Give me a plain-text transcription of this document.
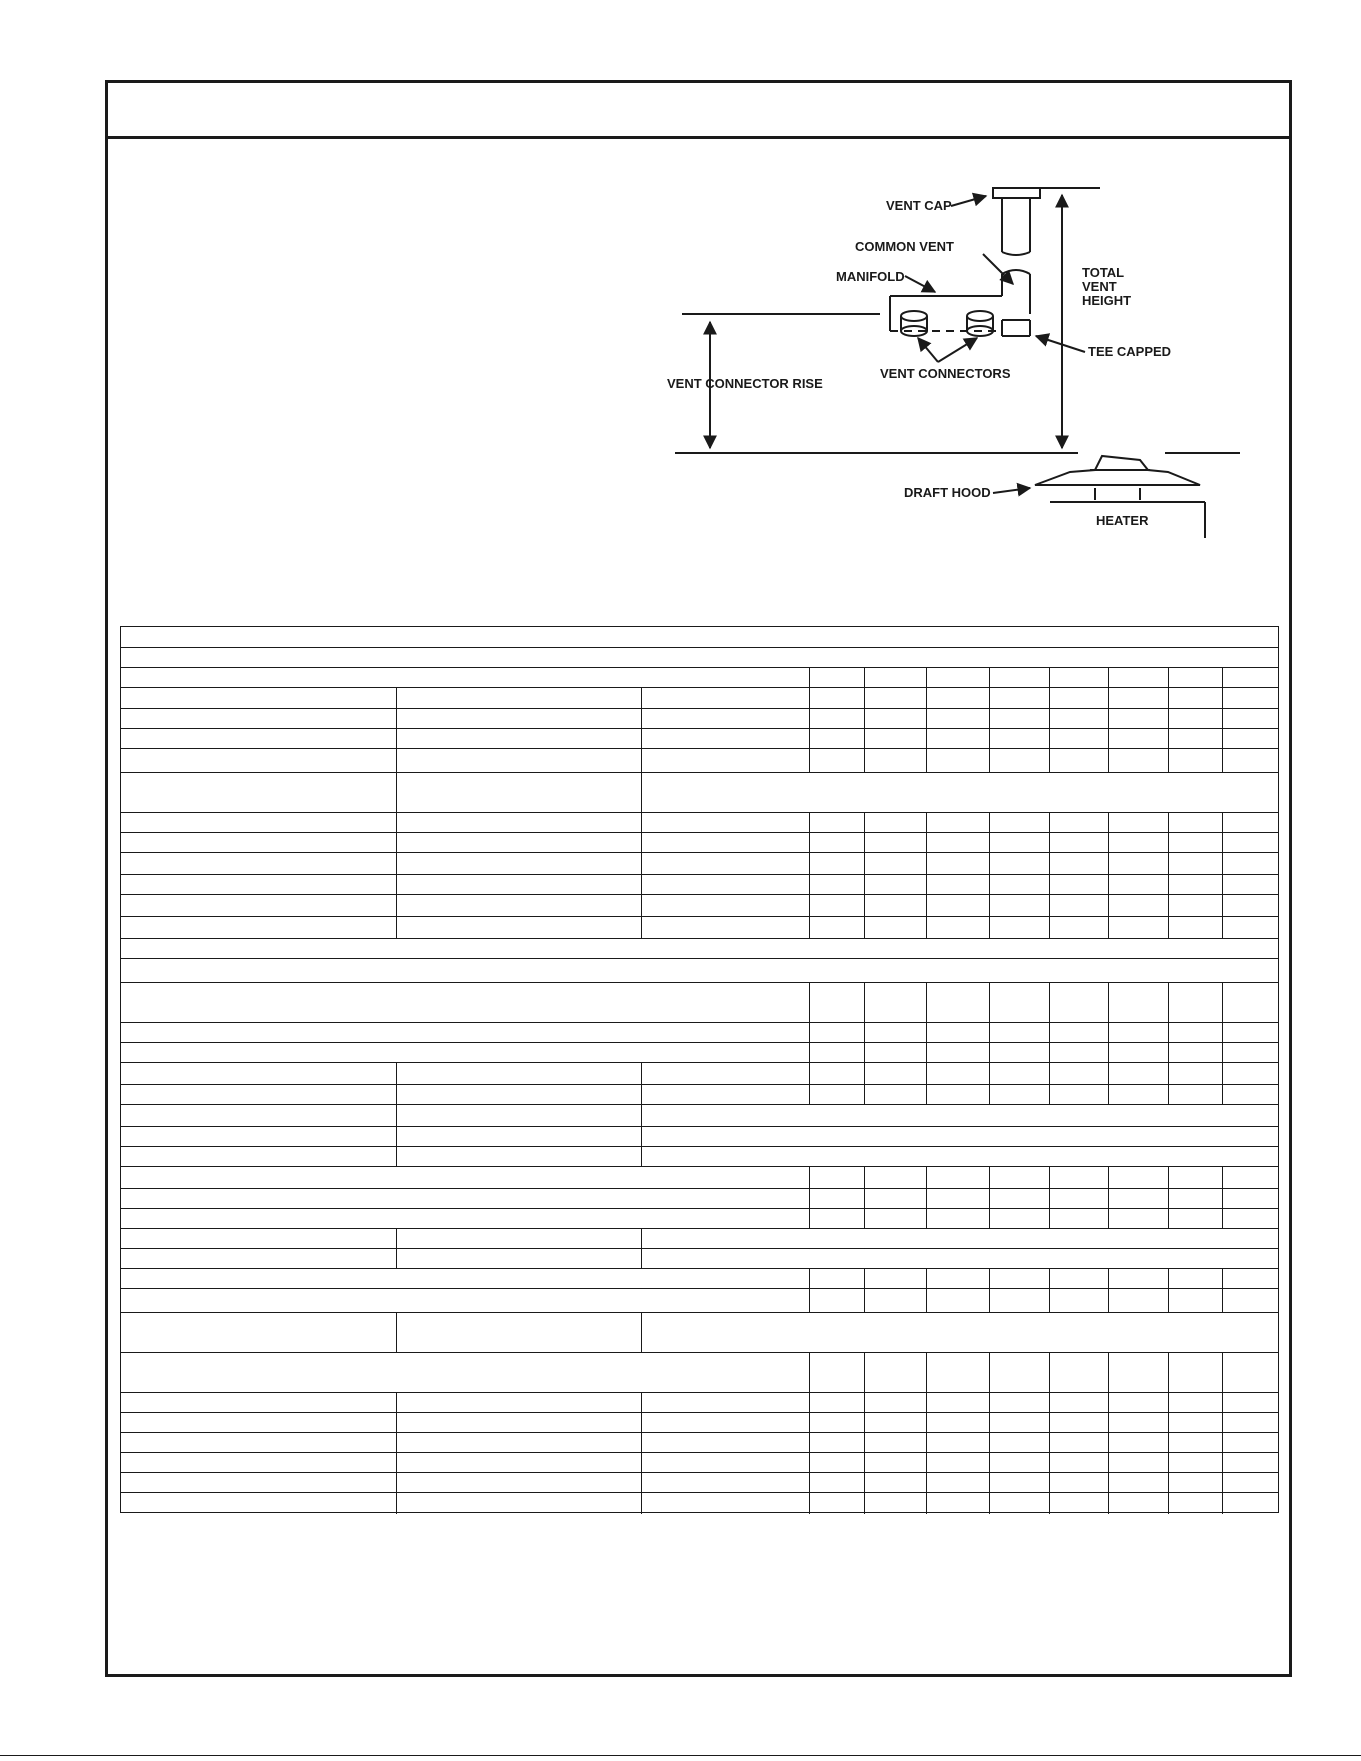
VENT CAP
COMMON VENT
MANIFOLD	TOTAL
VENT
HEIGHT
TEE CAPPED
VENT CONNECTORS
VENT CONNECTOR RISE
DRAFT HOOD
HEATER
